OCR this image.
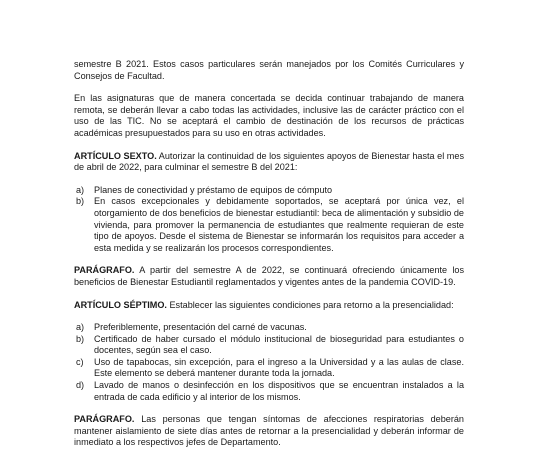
semestre B 2021. Estos casos particulares serán manejados por los Comités Curriculares y Consejos de Facultad.

En las asignaturas que de manera concertada se decida continuar trabajando de manera remota, se deberán llevar a cabo todas las actividades, inclusive las de carácter práctico con el uso de las TIC. No se aceptará el cambio de destinación de los recursos de prácticas académicas presupuestados para su uso en otras actividades.

ARTÍCULO SEXTO. Autorizar la continuidad de los siguientes apoyos de Bienestar hasta el mes de abril de 2022, para culminar el semestre B del 2021:

a)	Planes de conectividad y préstamo de equipos de cómputo
b)	En casos excepcionales y debidamente soportados, se aceptará por única vez, el otorgamiento de dos beneficios de bienestar estudiantil: beca de alimentación y subsidio de vivienda, para promover la permanencia de estudiantes que realmente requieran de este tipo de apoyos. Desde el sistema de Bienestar se informarán los requisitos para acceder a esta medida y se realizarán los procesos correspondientes.

PARÁGRAFO. A partir del semestre A de 2022, se continuará ofreciendo únicamente los beneficios de Bienestar Estudiantil reglamentados y vigentes antes de la pandemia COVID-19.

ARTÍCULO SÉPTIMO. Establecer las siguientes condiciones para retorno a la presencialidad:

a)	Preferiblemente, presentación del carné de vacunas.
b)	Certificado de haber cursado el módulo institucional de bioseguridad para estudiantes o docentes, según sea el caso.
c)	Uso de tapabocas, sin excepción, para el ingreso a la Universidad y a las aulas de clase. Este elemento se deberá mantener durante toda la jornada.
d)	Lavado de manos o desinfección en los dispositivos que se encuentran instalados a la entrada de cada edificio y al interior de los mismos.

PARÁGRAFO. Las personas que tengan síntomas de afecciones respiratorias deberán mantener aislamiento de siete días antes de retornar a la presencialidad y deberán informar de inmediato a los respectivos jefes de Departamento.
